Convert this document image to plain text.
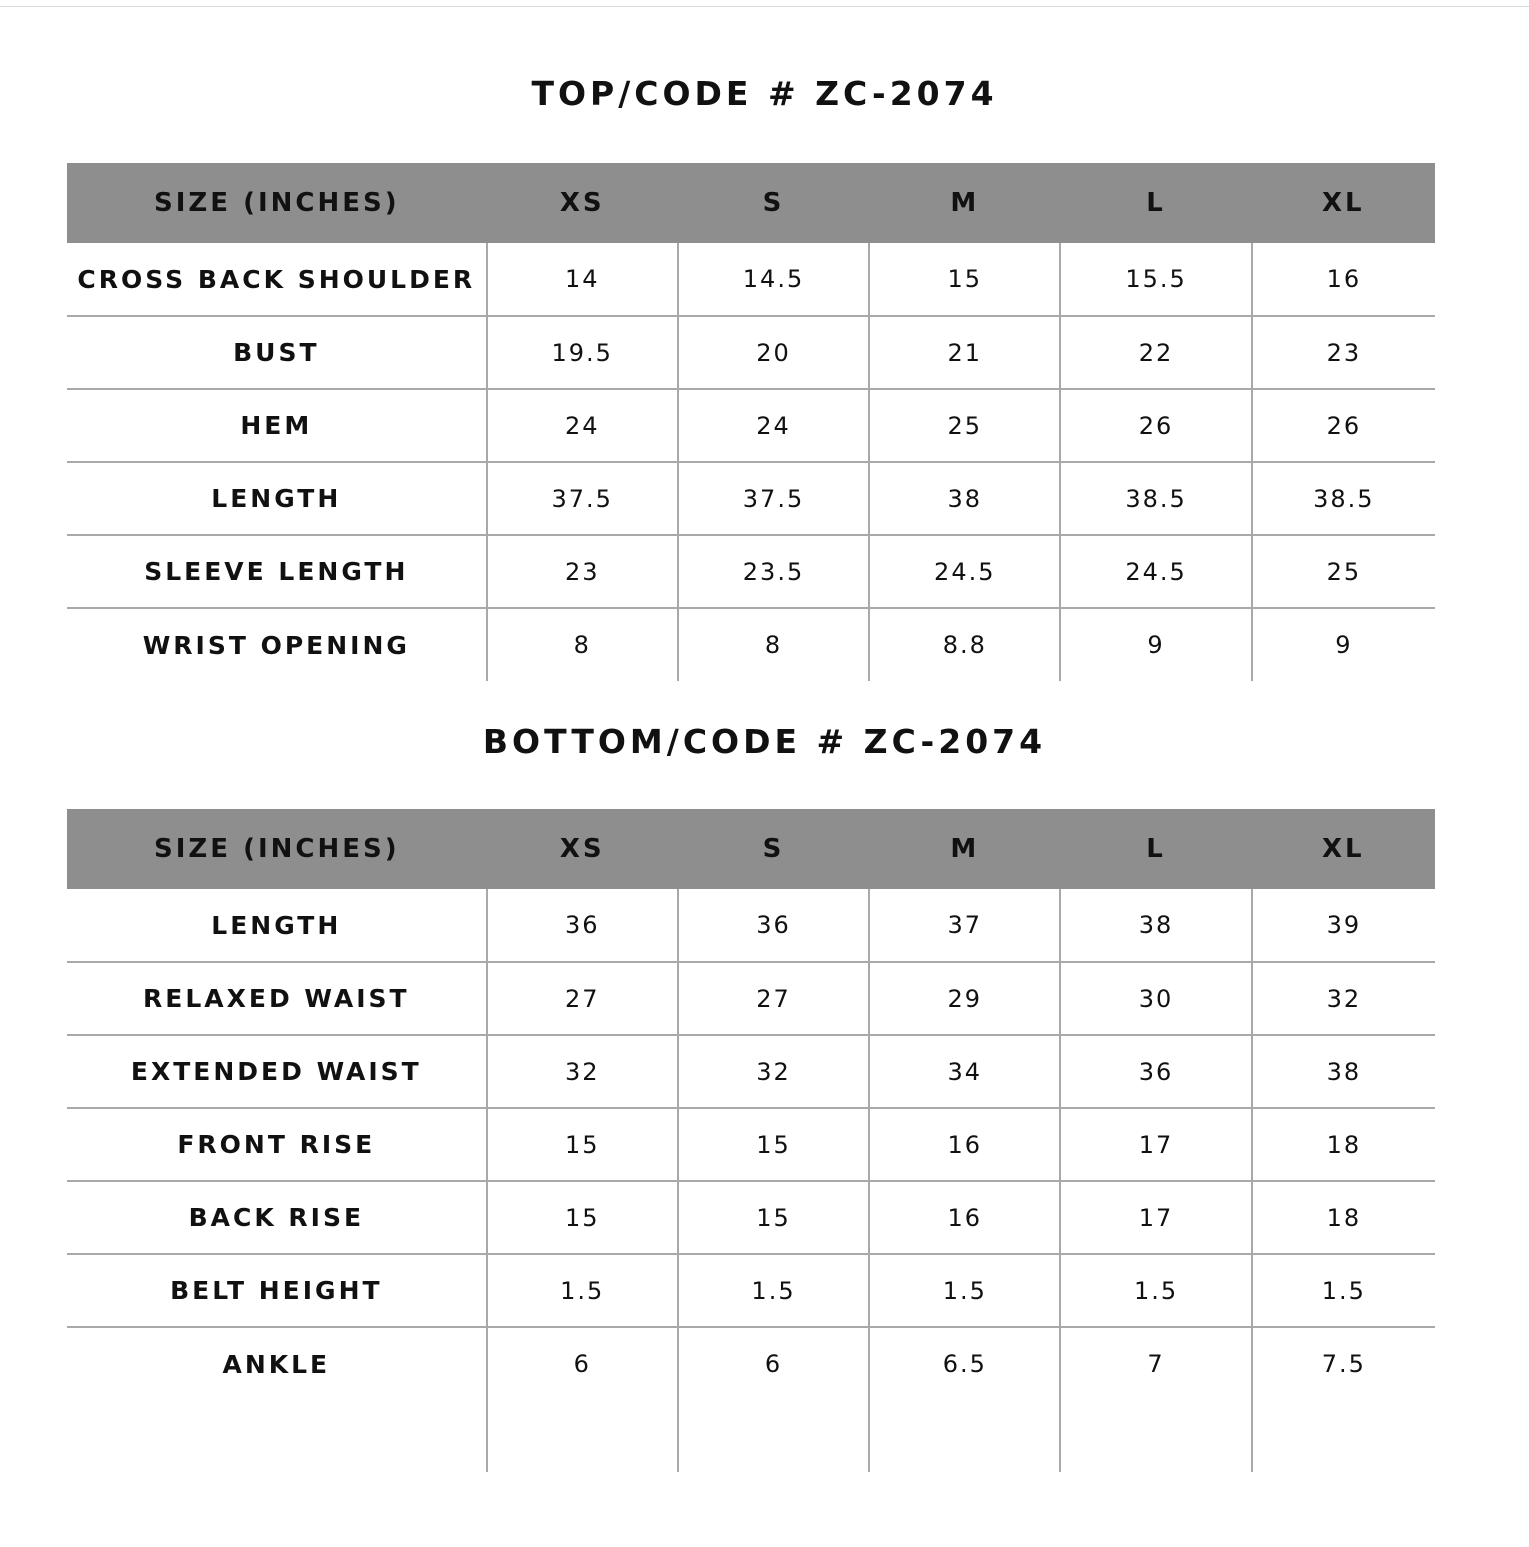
TOP/CODE # ZC-2074
SIZE (INCHES)	XS	S	M	L	XL
CROSS BACK SHOULDER	14	14.5	15	15.5	16
BUST	19.5	20	21	22	23
HEM	24	24	25	26	26
LENGTH	37.5	37.5	38	38.5	38.5
SLEEVE LENGTH	23	23.5	24.5	24.5	25
WRIST OPENING	8	8	8.8	9	9
BOTTOM/CODE # ZC-2074
SIZE (INCHES)	XS	S	M	L	XL
LENGTH	36	36	37	38	39
RELAXED WAIST	27	27	29	30	32
EXTENDED WAIST	32	32	34	36	38
FRONT RISE	15	15	16	17	18
BACK RISE	15	15	16	17	18
BELT HEIGHT	1.5	1.5	1.5	1.5	1.5
ANKLE	6	6	6.5	7	7.5
